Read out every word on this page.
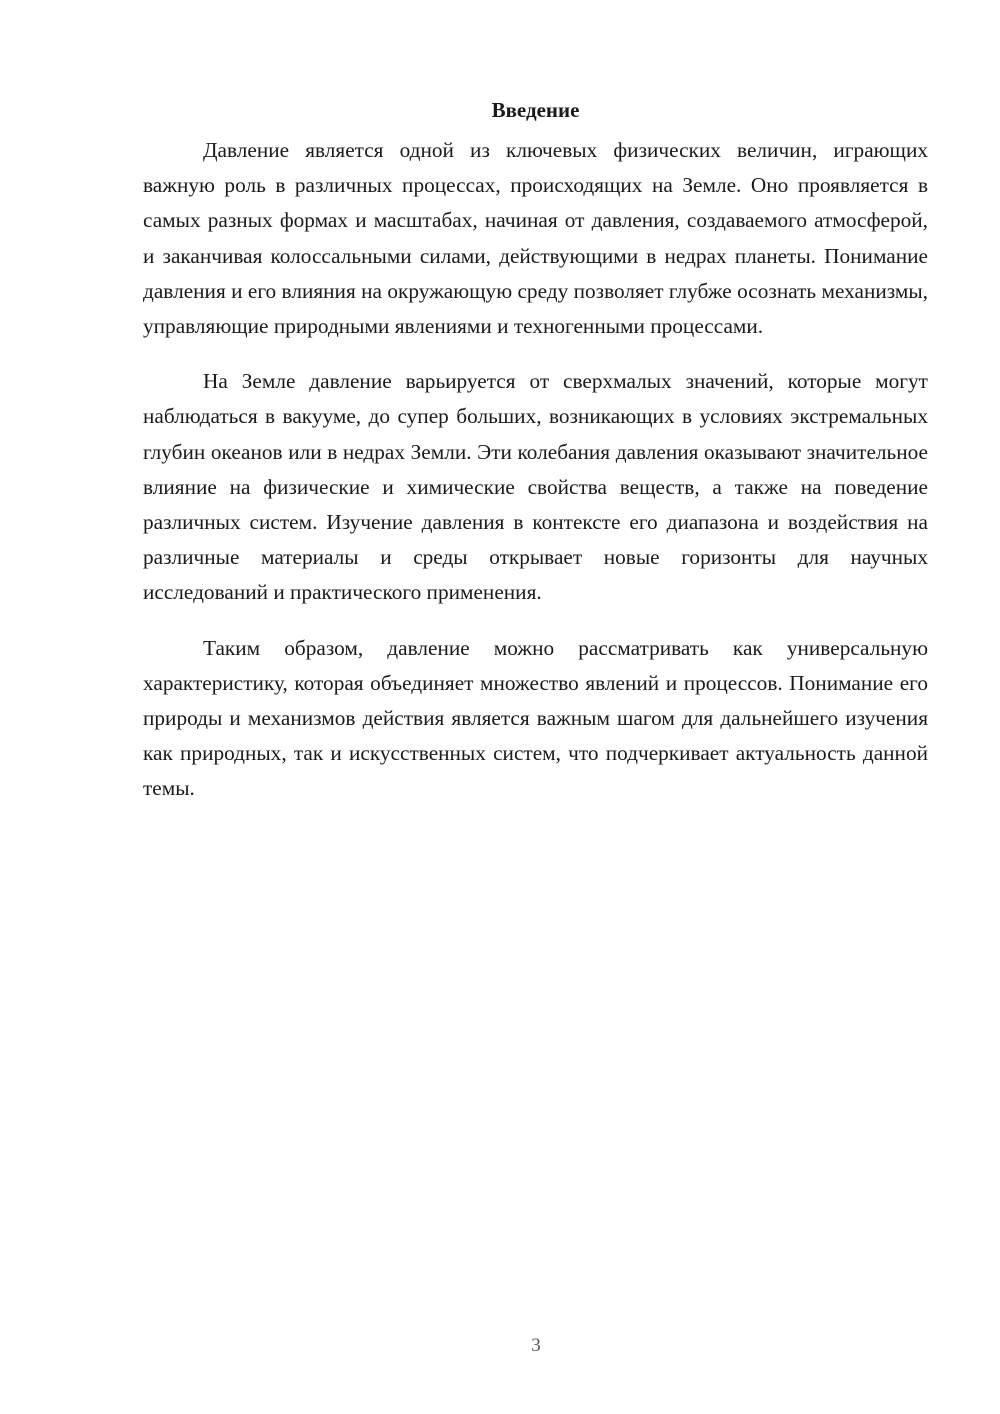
Введение

Давление является одной из ключевых физических величин, играющих важную роль в различных процессах, происходящих на Земле. Оно проявляется в самых разных формах и масштабах, начиная от давления, создаваемого атмосферой, и заканчивая колоссальными силами, действующими в недрах планеты. Понимание давления и его влияния на окружающую среду позволяет глубже осознать механизмы, управляющие природными явлениями и техногенными процессами.

На Земле давление варьируется от сверхмалых значений, которые могут наблюдаться в вакууме, до супер больших, возникающих в условиях экстремальных глубин океанов или в недрах Земли. Эти колебания давления оказывают значительное влияние на физические и химические свойства веществ, а также на поведение различных систем. Изучение давления в контексте его диапазона и воздействия на различные материалы и среды открывает новые горизонты для научных исследований и практического применения.

Таким образом, давление можно рассматривать как универсальную характеристику, которая объединяет множество явлений и процессов. Понимание его природы и механизмов действия является важным шагом для дальнейшего изучения как природных, так и искусственных систем, что подчеркивает актуальность данной темы.

3
